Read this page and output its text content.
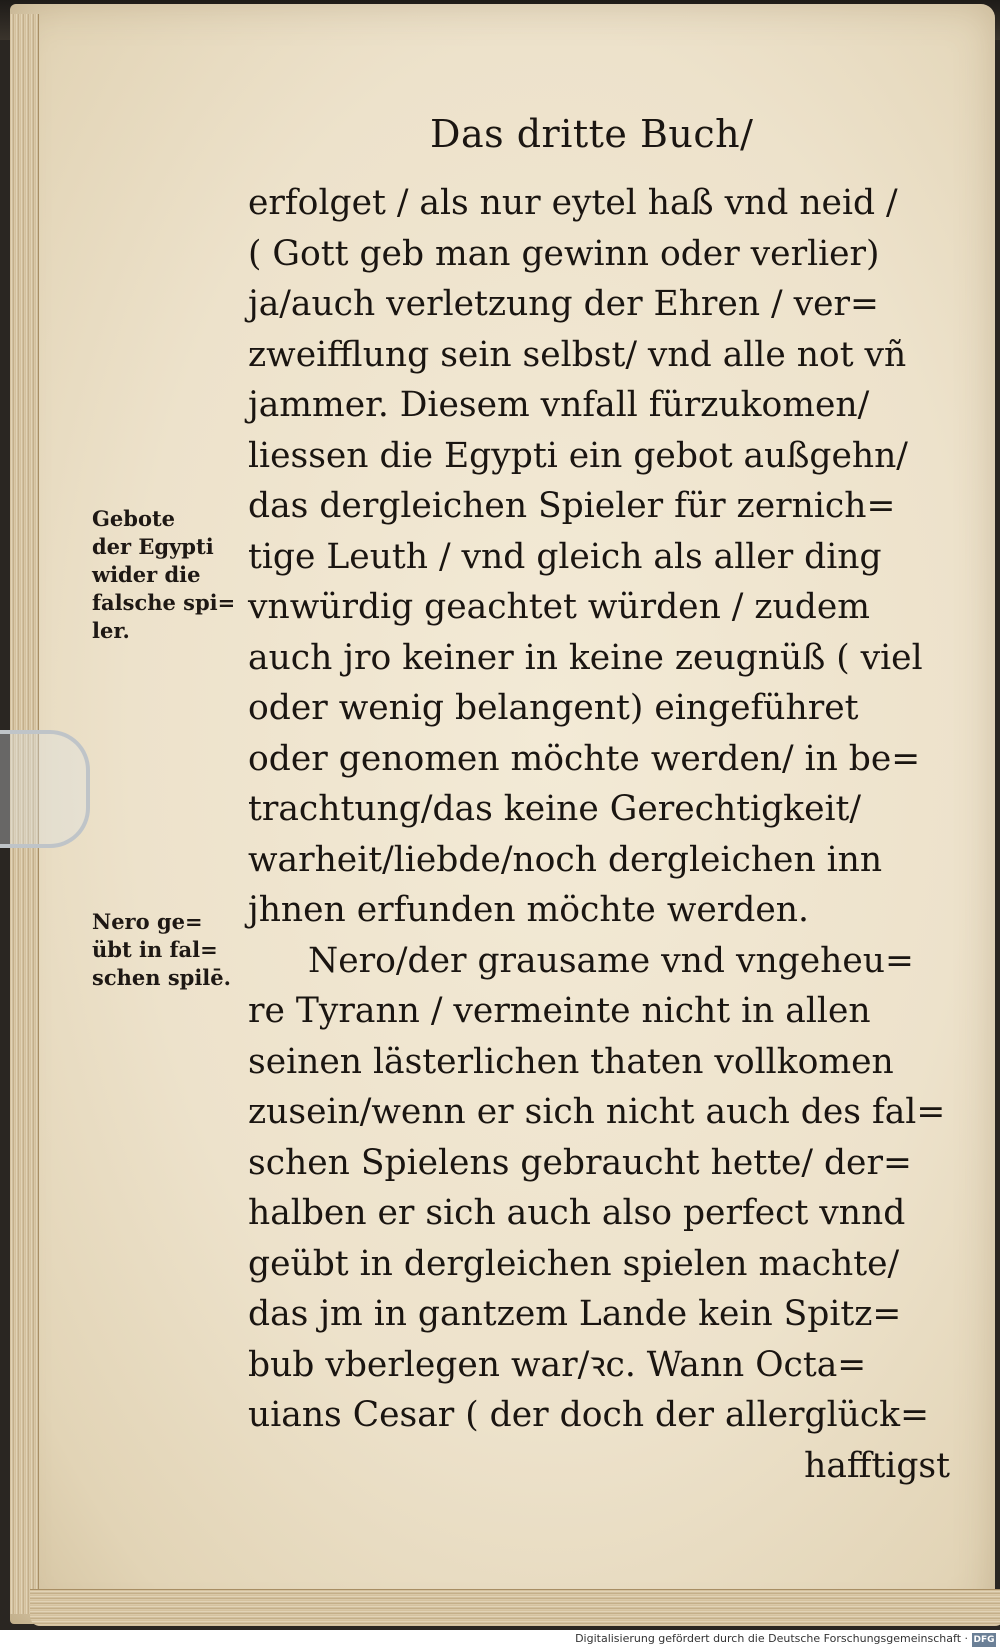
Das dritte Buch/
erfolget / als nur eytel haß vnd neid /
( Gott geb man gewinn oder verlier)
ja/auch verletzung der Ehren / ver=
zweifflung sein selbst/ vnd alle not vñ
jammer. Diesem vnfall fürzukomen/
liessen die Egypti ein gebot außgehn/
das dergleichen Spieler für zernich=
tige Leuth / vnd gleich als aller ding
vnwürdig geachtet würden / zudem
auch jro keiner in keine zeugnüß ( viel
oder wenig belangent) eingeführet
oder genomen möchte werden/ in be=
trachtung/das keine Gerechtigkeit/
warheit/liebde/noch dergleichen inn
jhnen erfunden möchte werden.
Nero/der grausame vnd vngeheu=
re Tyrann / vermeinte nicht in allen
seinen lästerlichen thaten vollkomen
zusein/wenn er sich nicht auch des fal=
schen Spielens gebraucht hette/ der=
halben er sich auch also perfect vnnd
geübt in dergleichen spielen machte/
das jm in gantzem Lande kein Spitz=
bub vberlegen war/ꝛc. Wann Octa=
uians Cesar ( der doch der allerglück=
hafftigst
Gebote
der Egypti
wider die
falsche spi=
ler.
Nero ge=
übt in fal=
schen spilē.
Digitalisierung gefördert durch die Deutsche Forschungsgemeinschaft · DFG
